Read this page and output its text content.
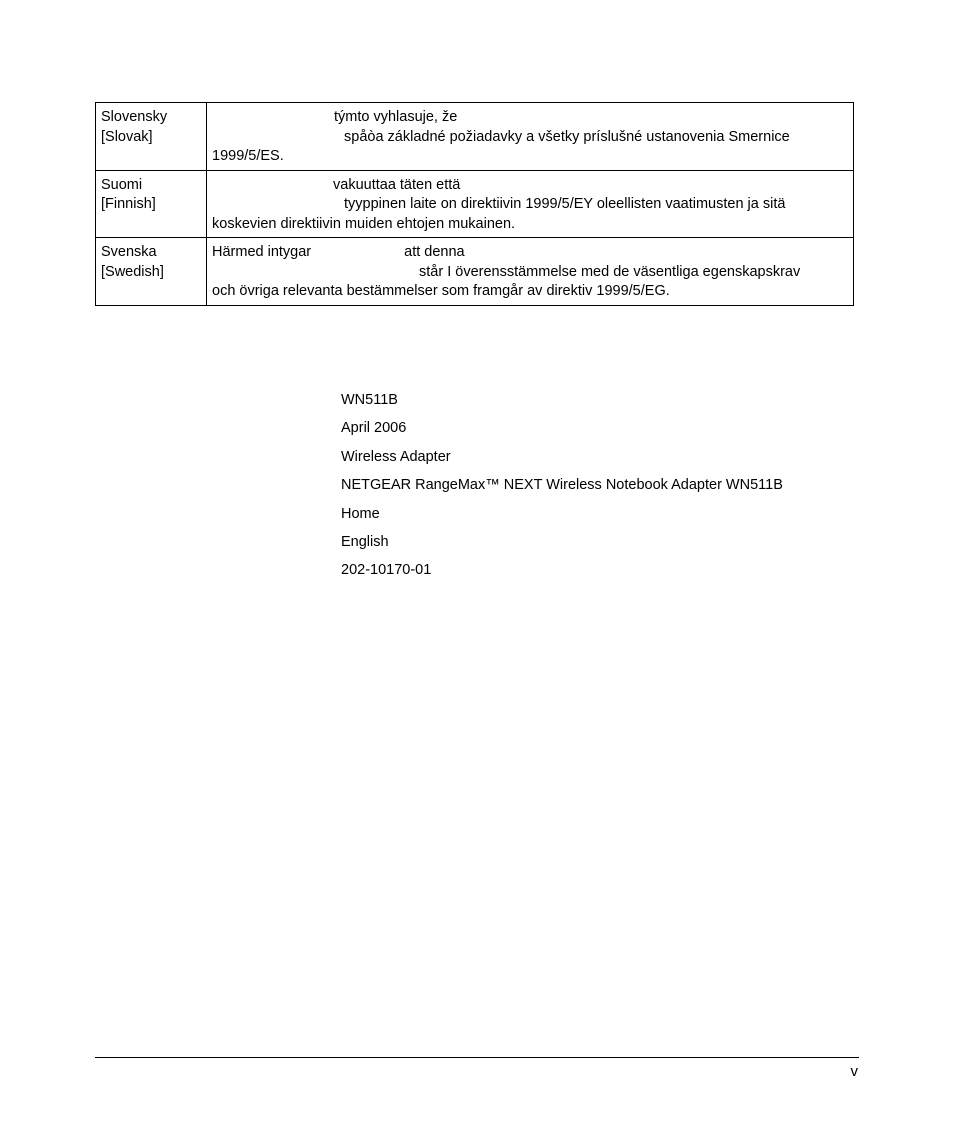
Slovensky
[Slovak]	týmto vyhlasuje, že
spåòa základné požiadavky a všetky príslušné ustanovenia Smernice
1999/5/ES.

Suomi
[Finnish]	vakuuttaa täten että
tyyppinen laite on direktiivin 1999/5/EY oleellisten vaatimusten ja sitä
koskevien direktiivin muiden ehtojen mukainen.

Svenska
[Swedish]	Härmed intygar att denna
står I överensstämmelse med de väsentliga egenskapskrav
och övriga relevanta bestämmelser som framgår av direktiv 1999/5/EG.
WN511B
April 2006
Wireless Adapter
NETGEAR RangeMax™ NEXT Wireless Notebook Adapter WN511B
Home
English
202-10170-01
v
